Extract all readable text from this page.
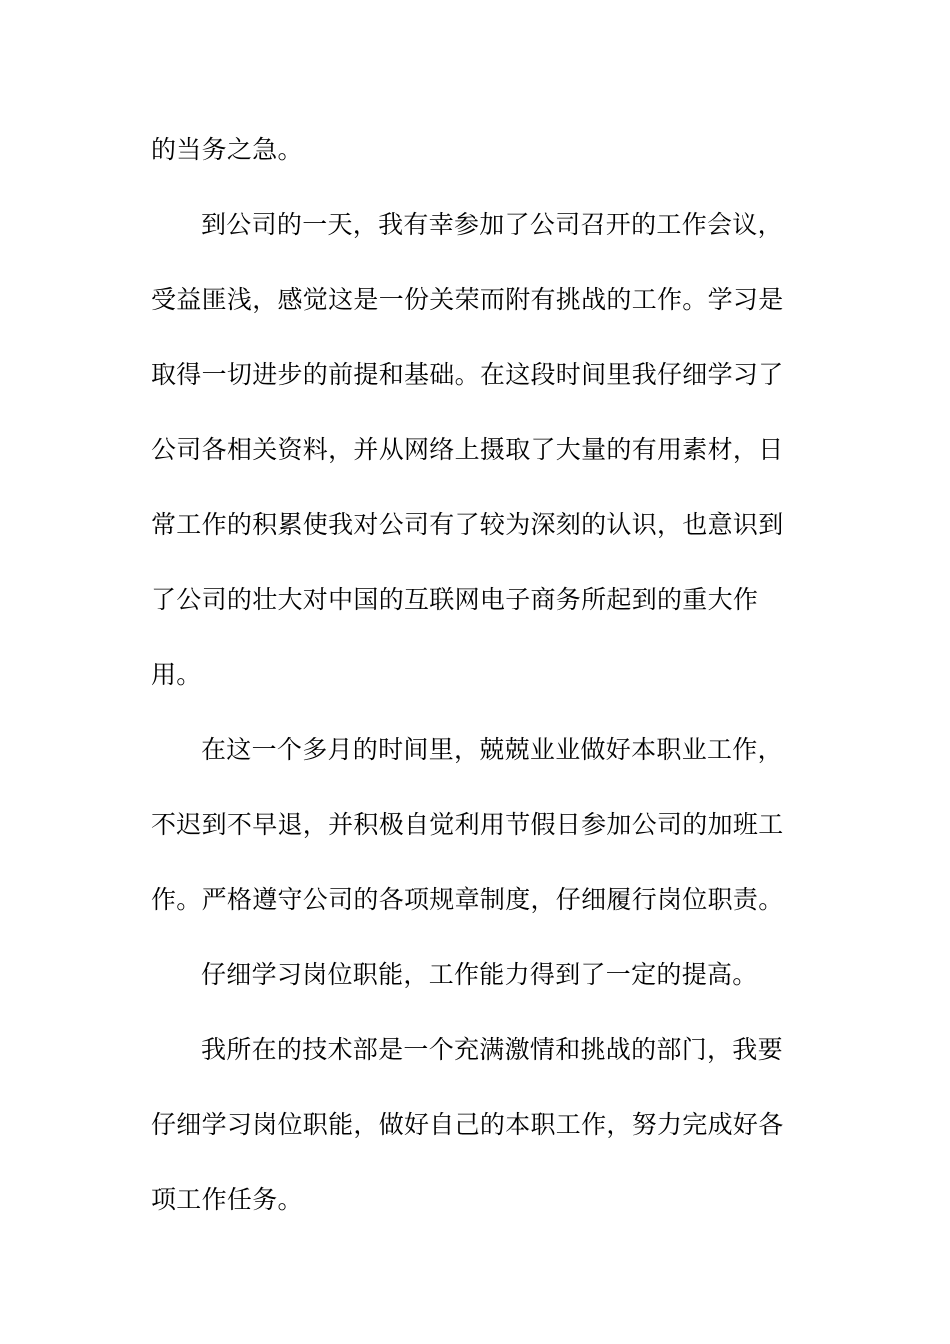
的当务之急。

到公司的一天，我有幸参加了公司召开的工作会议，

受益匪浅，感觉这是一份关荣而附有挑战的工作。学习是

取得一切进步的前提和基础。在这段时间里我仔细学习了

公司各相关资料，并从网络上摄取了大量的有用素材，日

常工作的积累使我对公司有了较为深刻的认识，也意识到

了公司的壮大对中国的互联网电子商务所起到的重大作

用。

在这一个多月的时间里，兢兢业业做好本职业工作，

不迟到不早退，并积极自觉利用节假日参加公司的加班工

作。严格遵守公司的各项规章制度，仔细履行岗位职责。

仔细学习岗位职能，工作能力得到了一定的提高。

我所在的技术部是一个充满激情和挑战的部门，我要

仔细学习岗位职能，做好自己的本职工作，努力完成好各

项工作任务。
